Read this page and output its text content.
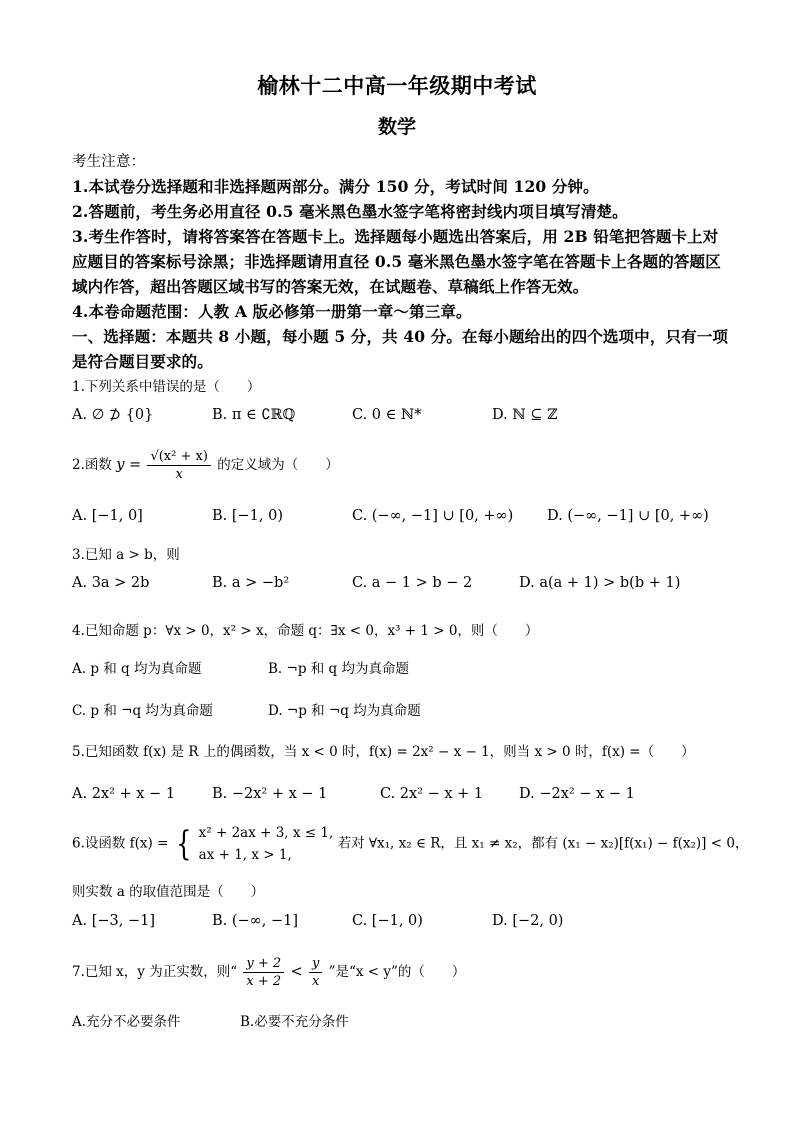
榆林十二中高一年级期中考试
数学
考生注意：
1.本试卷分选择题和非选择题两部分。满分 150 分，考试时间 120 分钟。
2.答题前，考生务必用直径 0.5 毫米黑色墨水签字笔将密封线内项目填写清楚。
3.考生作答时，请将答案答在答题卡上。选择题每小题选出答案后，用 2B 铅笔把答题卡上对
应题目的答案标号涂黑；非选择题请用直径 0.5 毫米黑色墨水签字笔在答题卡上各题的答题区
域内作答，超出答题区域书写的答案无效，在试题卷、草稿纸上作答无效。
4.本卷命题范围：人教 A 版必修第一册第一章～第三章。
一、选择题：本题共 8 小题，每小题 5 分，共 40 分。在每小题给出的四个选项中，只有一项
是符合题目要求的。
1.下列关系中错误的是（　　）
A. ∅ ⊅ {0}	B. π ∈ ∁ℝℚ	C. 0 ∈ ℕ*	D. ℕ ⊆ ℤ
2.函数 $y = \frac{\text{√(x² + x)}}{x}$ 的定义域为（　　）
A. [−1, 0]	B. [−1, 0)	C. (−∞, −1] ∪ [0, +∞) D. (−∞, −1] ∪ [0, +∞)
3.已知 a > b，则
A. 3a > 2b	B. a > −b²	C. a − 1 > b − 2	D. a(a + 1) > b(b + 1)
4.已知命题 p：∀x > 0，x² > x，命题 q：∃x < 0，x³ + 1 > 0，则（　　）
A. p 和 q 均为真命题	B. ¬p 和 q 均为真命题
C. p 和 ¬q 均为真命题	D. ¬p 和 ¬q 均为真命题
5.已知函数 f(x) 是 R 上的偶函数，当 x < 0 时，f(x) = 2x² − x − 1，则当 x > 0 时，f(x) =（　　）
A. 2x² + x − 1	B. −2x² + x − 1	C. 2x² − x + 1 D. −2x² − x − 1
6.设函数 f(x) = { x² + 2ax + 3, x ≤ 1,
ax + 1, x > 1,
若对 ∀x₁, x₂ ∈ R，且 x₁ ≠ x₂，都有 (x₁ − x₂)[f(x₁) − f(x₂)] < 0，
则实数 a 的取值范围是（　　）
A. [−3, −1]	B. (−∞, −1]	C. [−1, 0)	D. [−2, 0)
7.已知 x，y 为正实数，则“ $\frac{y + 2}{x + 2} < \frac{y}{x}$ ”是“x < y”的（　　）
A.充分不必要条件	B.必要不充分条件
